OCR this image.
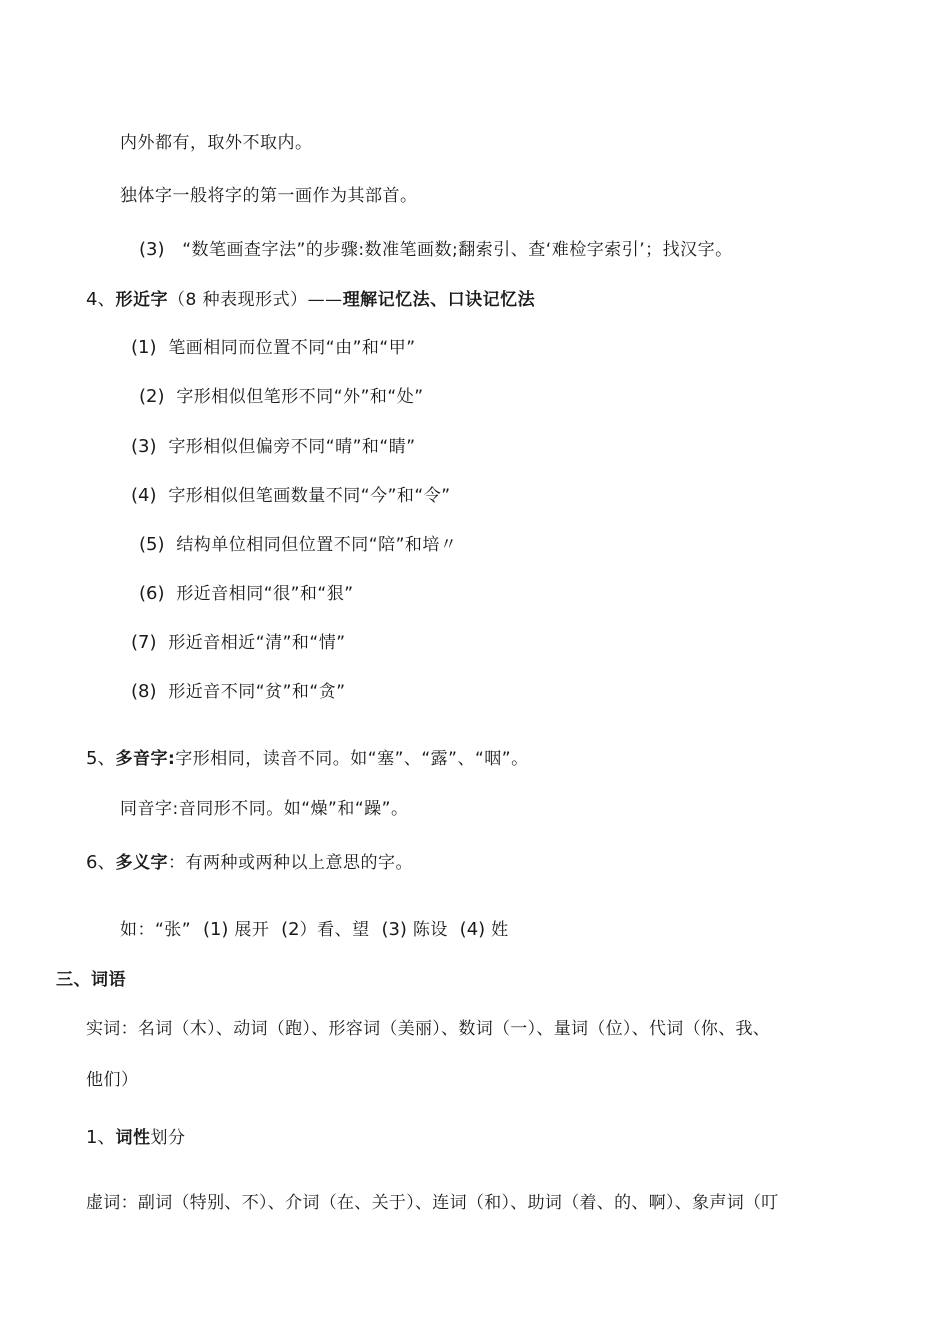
内外都有，取外不取内。
独体字一般将字的第一画作为其部首。
(3) “数笔画查字法”的步骤:数准笔画数;翻索引、查‘难检字索引’；找汉字。
4、形近字（8 种表现形式）——理解记忆法、口诀记忆法
(1) 笔画相同而位置不同“由”和“甲”
(2) 字形相似但笔形不同“外”和“处”
(3) 字形相似但偏旁不同“晴”和“睛”
(4) 字形相似但笔画数量不同“今”和“令”
(5) 结构单位相同但位置不同“陪”和培〃
(6) 形近音相同“很”和“狠”
(7) 形近音相近“清”和“情”
(8) 形近音不同“贫”和“贪”
5、多音字:字形相同，读音不同。如“塞”、“露”、“咽”。
同音字:音同形不同。如“燥”和“躁”。
6、多义字：有两种或两种以上意思的字。
如：“张” (1) 展开 (2）看、望 (3) 陈设 (4) 姓
三、词语
实词：名词（木）、动词（跑）、形容词（美丽）、数词（一）、量词（位）、代词（你、我、
他们）
1、词性划分
虚词：副词（特别、不）、介词（在、关于）、连词（和）、助词（着、的、啊）、象声词（叮
